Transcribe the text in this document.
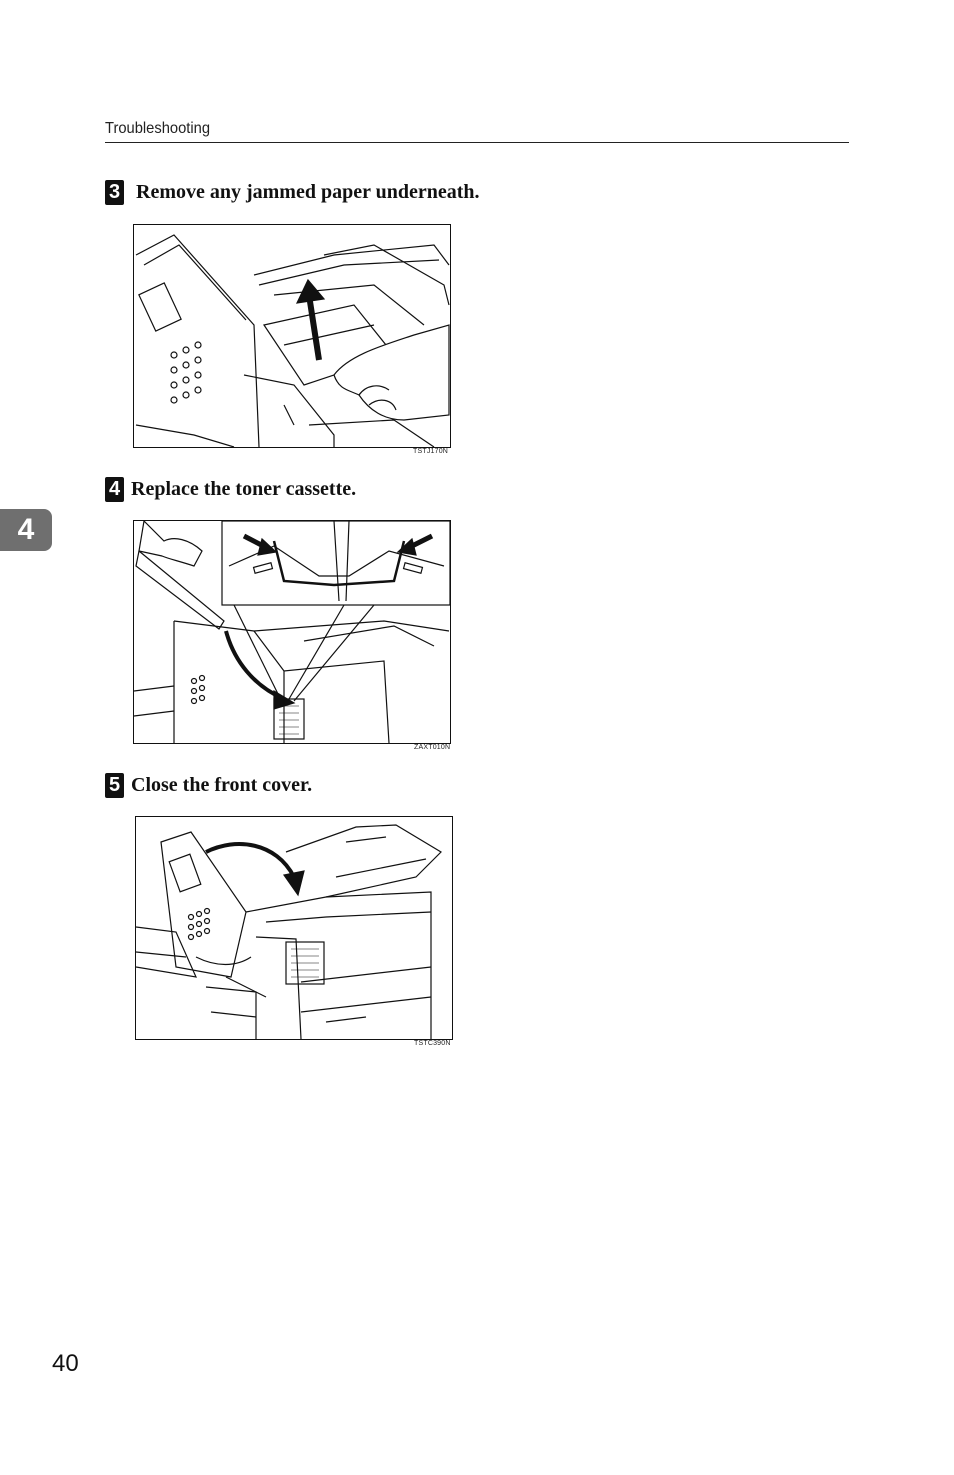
Troubleshooting
4
3 Remove any jammed paper underneath.
TSTJ170N
4 Replace the toner cassette.
ZAXT010N
5 Close the front cover.
TSTC390N
40
